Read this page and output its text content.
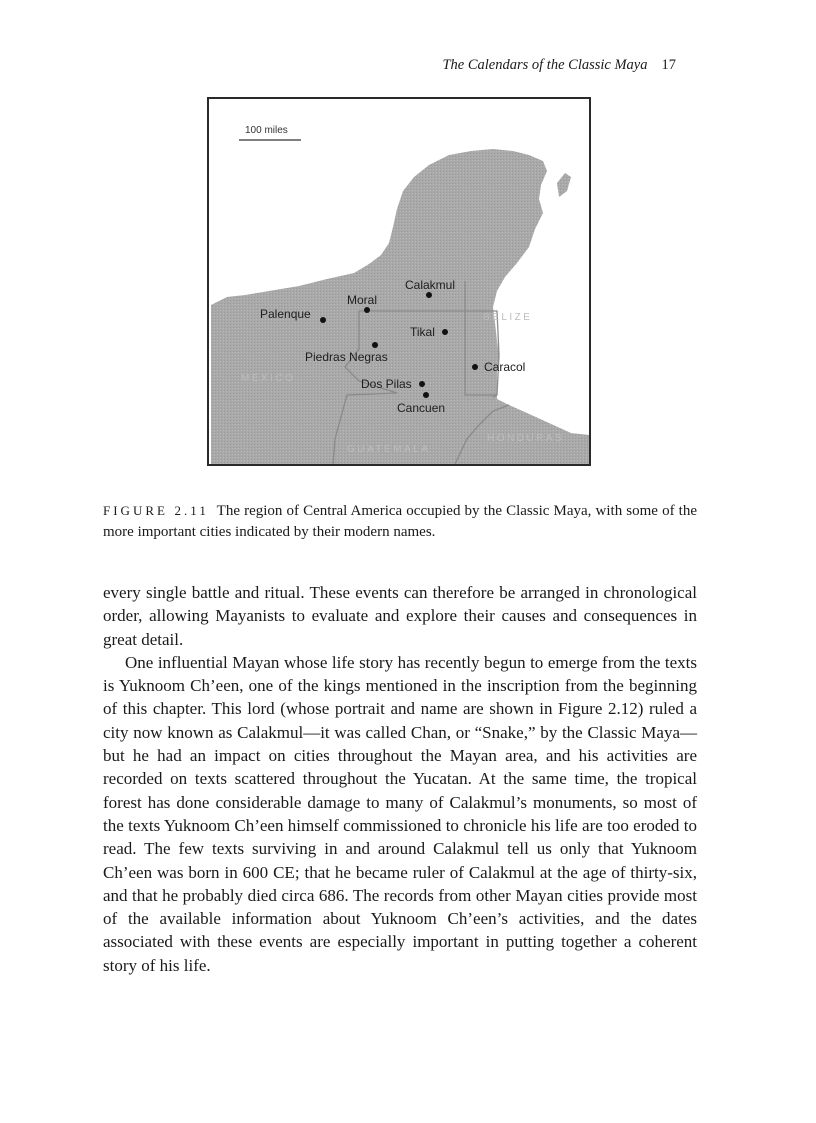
The Calendars of the Classic Maya 17
100 miles
MEXICO
BELIZE
GUATEMALA
HONDURAS
Calakmul
Moral
Palenque
Tikal
Piedras Negras
Caracol
Dos Pilas
Cancuen
FIGURE 2.11 The region of Central America occupied by the Classic Maya, with some of the more important cities indicated by their modern names.

every single battle and ritual. These events can therefore be arranged in chronological order, allowing Mayanists to evaluate and explore their causes and consequences in great detail.

One influential Mayan whose life story has recently begun to emerge from the texts is Yuknoom Ch’een, one of the kings mentioned in the inscription from the beginning of this chapter. This lord (whose portrait and name are shown in Figure 2.12) ruled a city now known as Calakmul—it was called Chan, or “Snake,” by the Classic Maya—but he had an impact on cities throughout the Mayan area, and his activities are recorded on texts scattered throughout the Yucatan. At the same time, the tropical forest has done considerable damage to many of Calakmul’s monuments, so most of the texts Yuknoom Ch’een himself commissioned to chronicle his life are too eroded to read. The few texts surviving in and around Calakmul tell us only that Yuknoom Ch’een was born in 600 CE; that he became ruler of Calakmul at the age of thirty-six, and that he probably died circa 686. The records from other Mayan cities provide most of the available information about Yuknoom Ch’een’s activities, and the dates associated with these events are especially important in putting together a coherent story of his life.
